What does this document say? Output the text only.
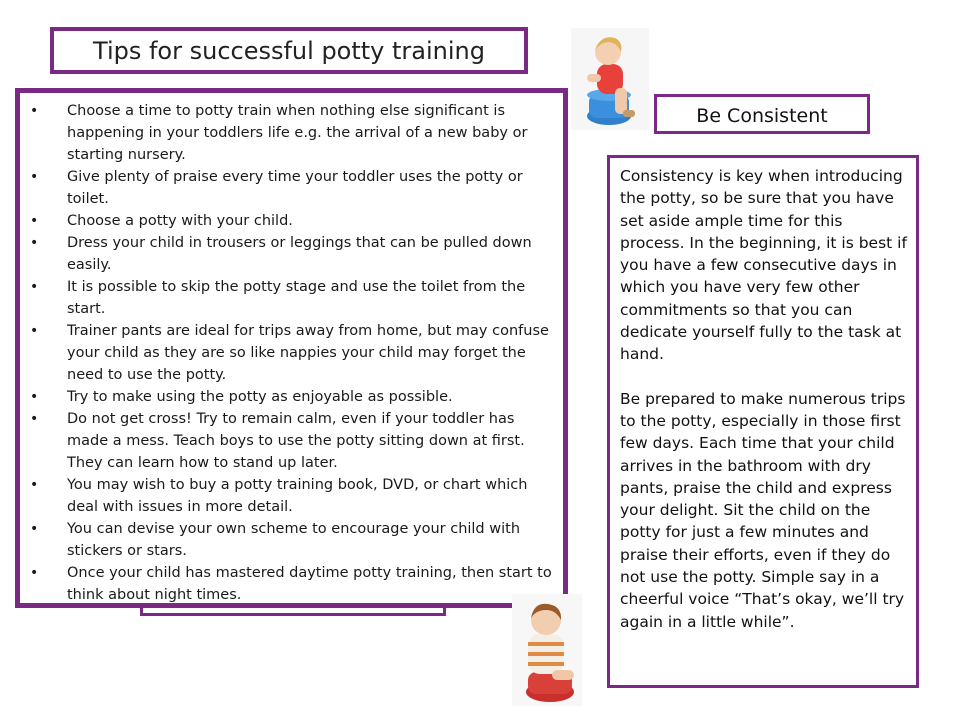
Tips for successful potty training
• Choose a time to potty train when nothing else significant is happening in your toddlers life e.g. the arrival of a new baby or starting nursery.
• Give plenty of praise every time your toddler uses the potty or toilet.
• Choose a potty with your child.
• Dress your child in trousers or leggings that can be pulled down easily.
• It is possible to skip the potty stage and use the toilet from the start.
• Trainer pants are ideal for trips away from home, but may confuse your child as they are so like nappies your child may forget the need to use the potty.
• Try to make using the potty as enjoyable as possible.
• Do not get cross! Try to remain calm, even if your toddler has made a mess. Teach boys to use the potty sitting down at first. They can learn how to stand up later.
• You may wish to buy a potty training book, DVD, or chart which deal with issues in more detail.
• You can devise your own scheme to encourage your child with stickers or stars.
• Once your child has mastered daytime potty training, then start to think about night times.
Be Consistent

Consistency is key when introducing the potty, so be sure that you have set aside ample time for this process. In the beginning, it is best if you have a few consecutive days in which you have very few other commitments so that you can dedicate yourself fully to the task at hand.

Be prepared to make numerous trips to the potty, especially in those first few days. Each time that your child arrives in the bathroom with dry pants, praise the child and express your delight. Sit the child on the potty for just a few minutes and praise their efforts, even if they do not use the potty. Simple say in a cheerful voice “That’s okay, we’ll try again in a little while”.
